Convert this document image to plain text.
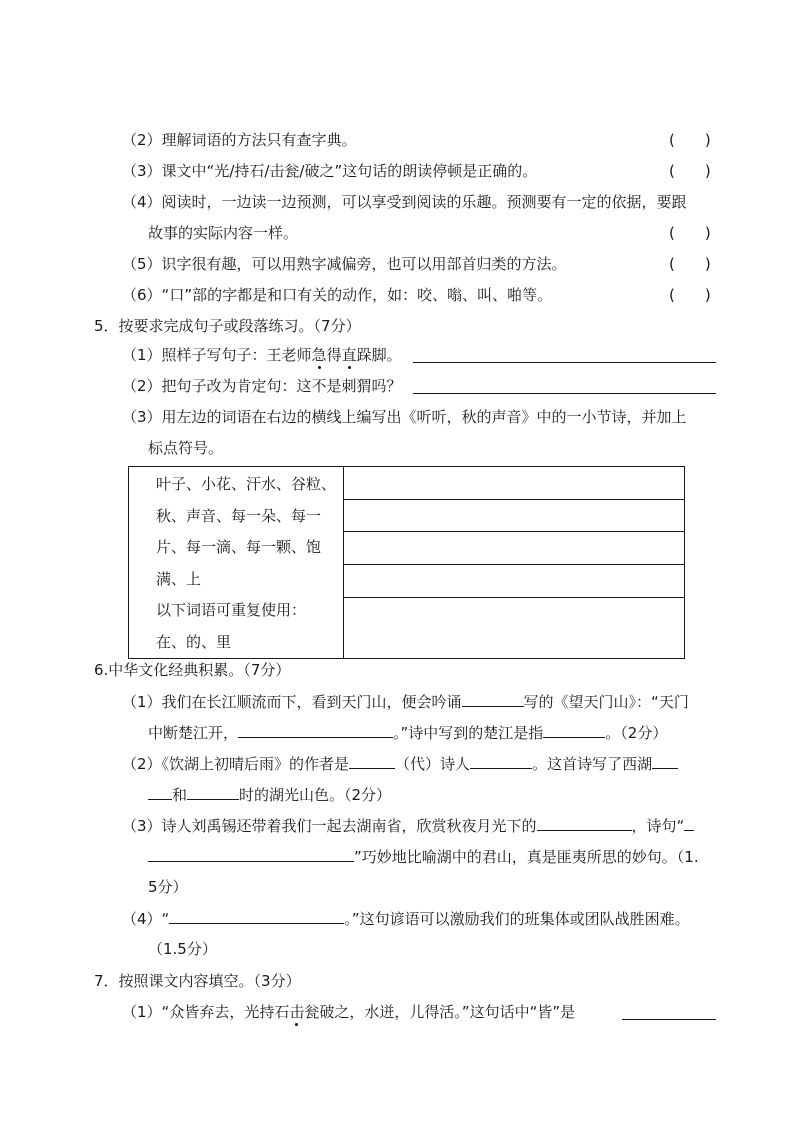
（2）理解词语的方法只有查字典。	(　　)
（3）课文中“光/持石/击瓮/破之”这句话的朗读停顿是正确的。	(　　)
（4）阅读时，一边读一边预测，可以享受到阅读的乐趣。预测要有一定的依据，要跟
故事的实际内容一样。	(　　)
（5）识字很有趣，可以用熟字减偏旁，也可以用部首归类的方法。	(　　)
（6）“口”部的字都是和口有关的动作，如：咬、嗡、叫、啪等。	(　　)
5．按要求完成句子或段落练习。（7分）
（1）照样子写句子：王老师急得直跺脚。
（2）把句子改为肯定句：这不是刺猬吗？
（3）用左边的词语在右边的横线上编写出《听听，秋的声音》中的一小节诗，并加上
标点符号。
叶子、小花、汗水、谷粒、
秋、声音、每一朵、每一
片、每一滴、每一颗、饱
满、上
以下词语可重复使用：
在、的、里

6.中华文化经典积累。（7分）
（1）我们在长江顺流而下，看到天门山，便会吟诵	写的《望天门山》：“天门
中断楚江开，	。”诗中写到的楚江是指	。（2分）
（2）《饮湖上初晴后雨》的作者是	（代）诗人	。这首诗写了西湖
和	时的湖光山色。（2分）
（3）诗人刘禹锡还带着我们一起去湖南省，欣赏秋夜月光下的	，诗句“
”巧妙地比喻湖中的君山，真是匪夷所思的妙句。（1.
5分）
（4）“	。”这句谚语可以激励我们的班集体或团队战胜困难。
（1.5分）
7．按照课文内容填空。（3分）
（1）“众皆弃去，光持石击瓮破之，水迸，儿得活。”这句话中“皆”是
